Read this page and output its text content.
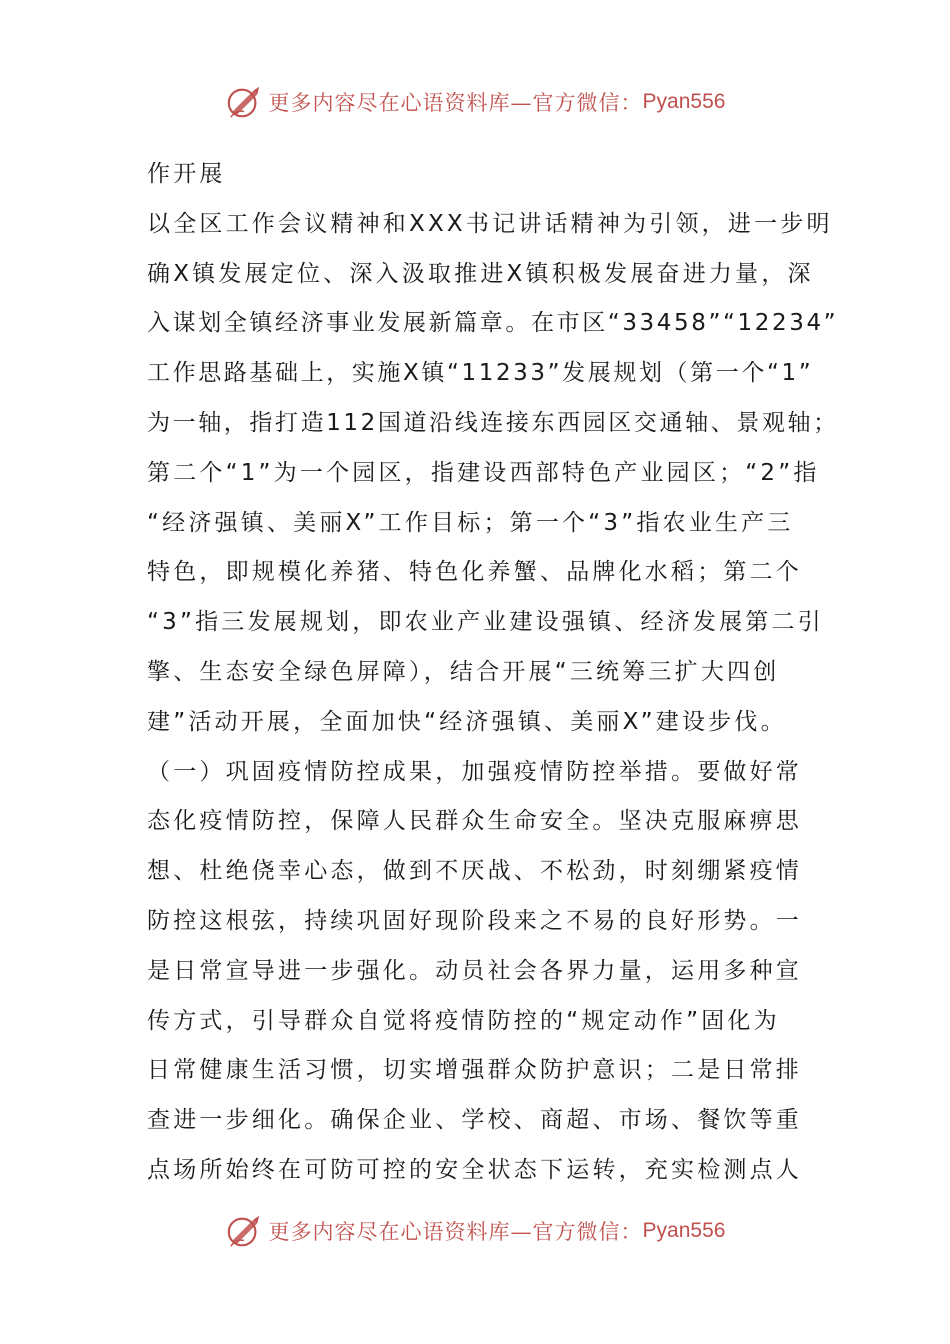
更多内容尽在心语资料库—官方微信： Pyan556
作开展
以全区工作会议精神和XXX书记讲话精神为引领，进一步明
确X镇发展定位、深入汲取推进X镇积极发展奋进力量，深
入谋划全镇经济事业发展新篇章。在市区“33458”“12234”
工作思路基础上，实施X镇“11233”发展规划（第一个“1”
为一轴，指打造112国道沿线连接东西园区交通轴、景观轴；
第二个“1”为一个园区，指建设西部特色产业园区；“2”指
“经济强镇、美丽X”工作目标；第一个“3”指农业生产三
特色，即规模化养猪、特色化养蟹、品牌化水稻；第二个
“3”指三发展规划，即农业产业建设强镇、经济发展第二引
擎、生态安全绿色屏障），结合开展“三统筹三扩大四创
建”活动开展，全面加快“经济强镇、美丽X”建设步伐。
（一）巩固疫情防控成果，加强疫情防控举措。要做好常
态化疫情防控，保障人民群众生命安全。坚决克服麻痹思
想、杜绝侥幸心态，做到不厌战、不松劲，时刻绷紧疫情
防控这根弦，持续巩固好现阶段来之不易的良好形势。一
是日常宣导进一步强化。动员社会各界力量，运用多种宣
传方式，引导群众自觉将疫情防控的“规定动作”固化为
日常健康生活习惯，切实增强群众防护意识；二是日常排
查进一步细化。确保企业、学校、商超、市场、餐饮等重
点场所始终在可防可控的安全状态下运转，充实检测点人
更多内容尽在心语资料库—官方微信： Pyan556
